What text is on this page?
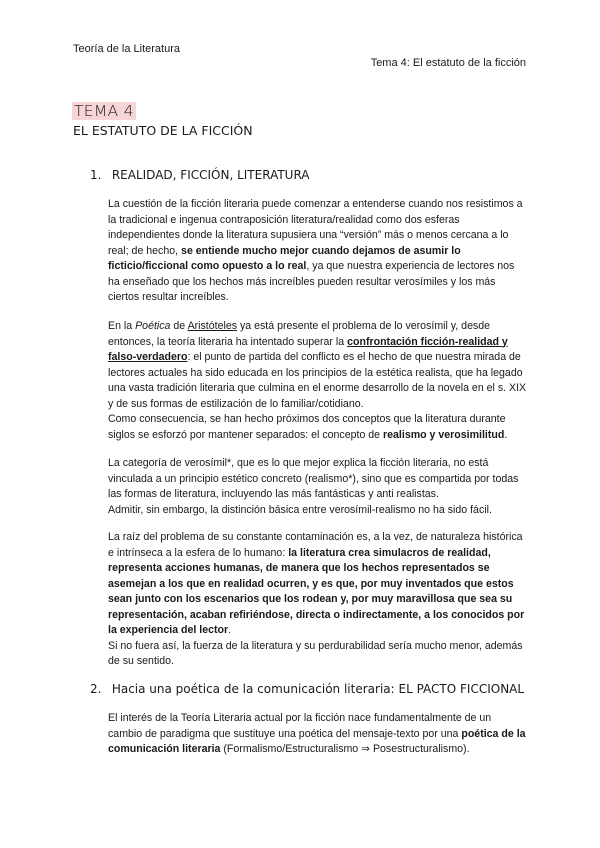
Teoría de la Literatura
Tema 4: El estatuto de la ficción
TEMA 4
EL ESTATUTO DE LA FICCIÓN
1. REALIDAD, FICCIÓN, LITERATURA
La cuestión de la ficción literaria puede comenzar a entenderse cuando nos resistimos a la tradicional e ingenua contraposición literatura/realidad como dos esferas independientes donde la literatura supusiera una “versión” más o menos cercana a lo real; de hecho, se entiende mucho mejor cuando dejamos de asumir lo ficticio/ficcional como opuesto a lo real, ya que nuestra experiencia de lectores nos ha enseñado que los hechos más increíbles pueden resultar verosímiles y los más ciertos resultar increíbles.
En la Poética de Aristóteles ya está presente el problema de lo verosímil y, desde entonces, la teoría literaria ha intentado superar la confrontación ficción-realidad y falso-verdadero: el punto de partida del conflicto es el hecho de que nuestra mirada de lectores actuales ha sido educada en los principios de la estética realista, que ha legado una vasta tradición literaria que culmina en el enorme desarrollo de la novela en el s. XIX y de sus formas de estilización de lo familiar/cotidiano.
Como consecuencia, se han hecho próximos dos conceptos que la literatura durante siglos se esforzó por mantener separados: el concepto de realismo y verosimilitud.
La categoría de verosímil*, que es lo que mejor explica la ficción literaria, no está vinculada a un principio estético concreto (realismo*), sino que es compartida por todas las formas de literatura, incluyendo las más fantásticas y anti realistas.
Admitir, sin embargo, la distinción básica entre verosímil-realismo no ha sido fácil.
La raíz del problema de su constante contaminación es, a la vez, de naturaleza histórica e intrínseca a la esfera de lo humano: la literatura crea simulacros de realidad, representa acciones humanas, de manera que los hechos representados se asemejan a los que en realidad ocurren, y es que, por muy inventados que estos sean junto con los escenarios que los rodean y, por muy maravillosa que sea su representación, acaban refiriéndose, directa o indirectamente, a los conocidos por la experiencia del lector.
Si no fuera así, la fuerza de la literatura y su perdurabilidad sería mucho menor, además de su sentido.
2. Hacia una poética de la comunicación literaria: EL PACTO FICCIONAL
El interés de la Teoría Literaria actual por la ficción nace fundamentalmente de un cambio de paradigma que sustituye una poética del mensaje-texto por una poética de la comunicación literaria (Formalismo/Estructuralismo ⇒ Posestructuralismo).
